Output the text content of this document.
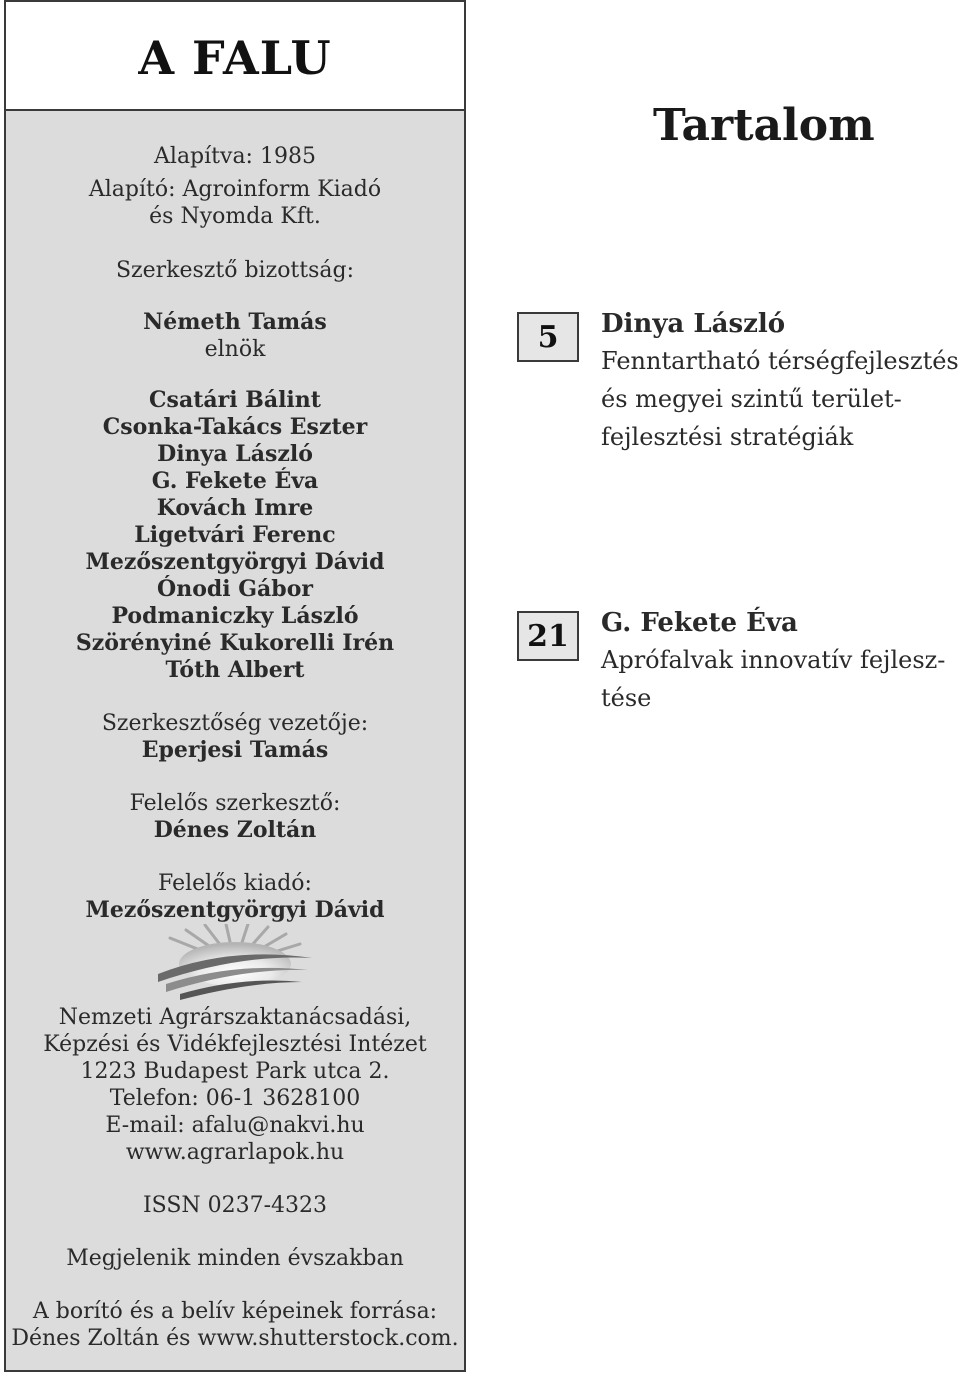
A FALU

Alapítva: 1985

Alapító: Agroinform Kiadó

és Nyomda Kft.

Szerkesztő bizottság:

Németh Tamás

elnök

Csatári Bálint

Csonka-Takács Eszter

Dinya László

G. Fekete Éva

Kovách Imre

Ligetvári Ferenc

Mezőszentgyörgyi Dávid

Ónodi Gábor

Podmaniczky László

Szörényiné Kukorelli Irén

Tóth Albert

Szerkesztőség vezetője:

Eperjesi Tamás

Felelős szerkesztő:

Dénes Zoltán

Felelős kiadó:

Mezőszentgyörgyi Dávid

Nemzeti Agrárszaktanácsadási,

Képzési és Vidékfejlesztési Intézet

1223 Budapest Park utca 2.

Telefon: 06-1 3628100

E-mail: afalu@nakvi.hu

www.agrarlapok.hu

ISSN 0237-4323

Megjelenik minden évszakban

A borító és a belív képeinek forrása:

Dénes Zoltán és www.shutterstock.com.

Tartalom
5	Dinya László

Fenntartható térségfejlesztés

és megyei szintű terület-

fejlesztési stratégiák

21	G. Fekete Éva

Aprófalvak innovatív fejlesz-

tése
